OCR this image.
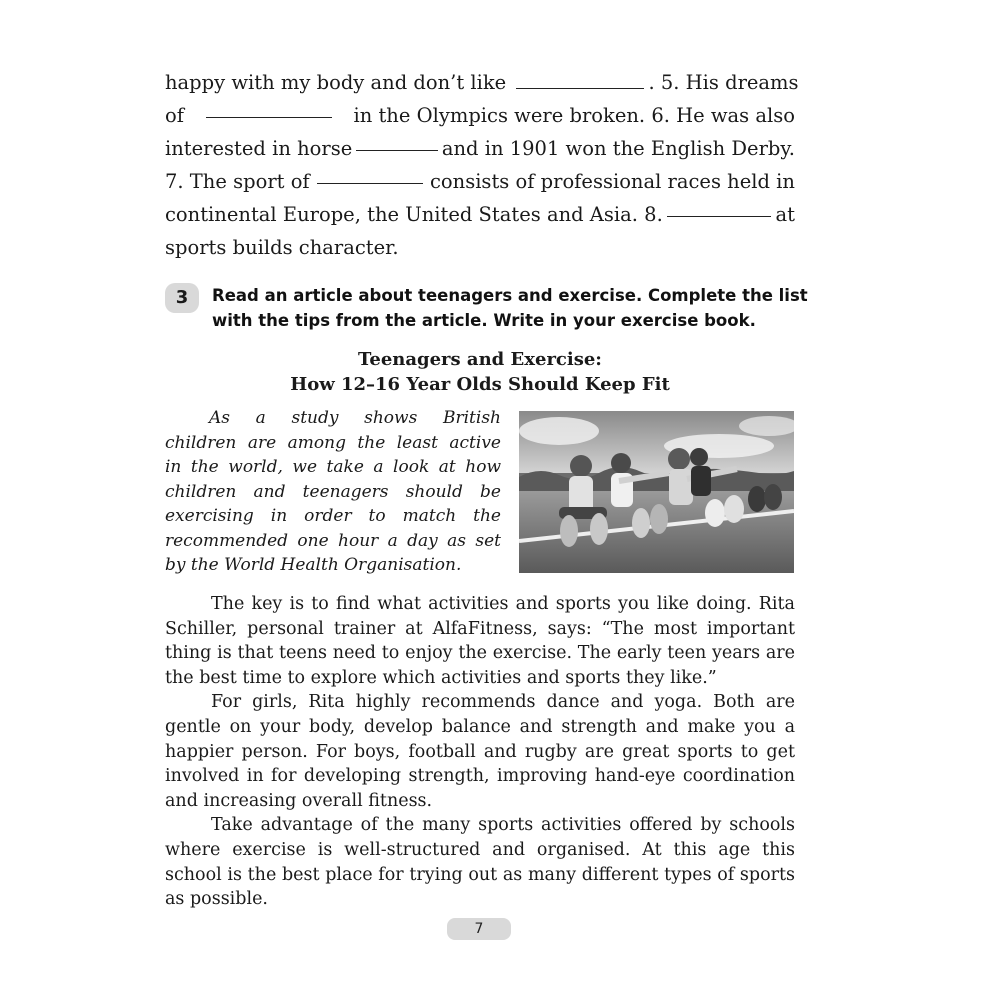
happy with my body and don’t like	. 5. His dreams
of	in the Olympics were broken. 6. He was also
interested in horse	and in 1901 won the English Derby.
7. The sport of	consists of professional races held in
continental Europe, the United States and Asia. 8.	at
sports builds character.
3	Read an article about teenagers and exercise. Complete the list with the tips from the article. Write in your exercise book.
Teenagers and Exercise:
How 12–16 Year Olds Should Keep Fit
As a study shows British
children are among the least active
in the world, we take a look at how
children and teenagers should be
exercising in order to match the
recommended one hour a day as set
by the World Health Organisation.

The key is to find what activities and sports you like doing. Rita Schiller, personal trainer at AlfaFitness, says: “The most important thing is that teens need to enjoy the exercise. The early teen years are the best time to explore which activities and sports they like.”

For girls, Rita highly recommends dance and yoga. Both are gentle on your body, develop balance and strength and make you a happier person. For boys, football and rugby are great sports to get involved in for developing strength, improving hand-eye coordination and increasing overall fitness.

Take advantage of the many sports activities offered by schools where exercise is well-structured and organised. At this age this school is the best place for trying out as many different types of sports as possible.

7
